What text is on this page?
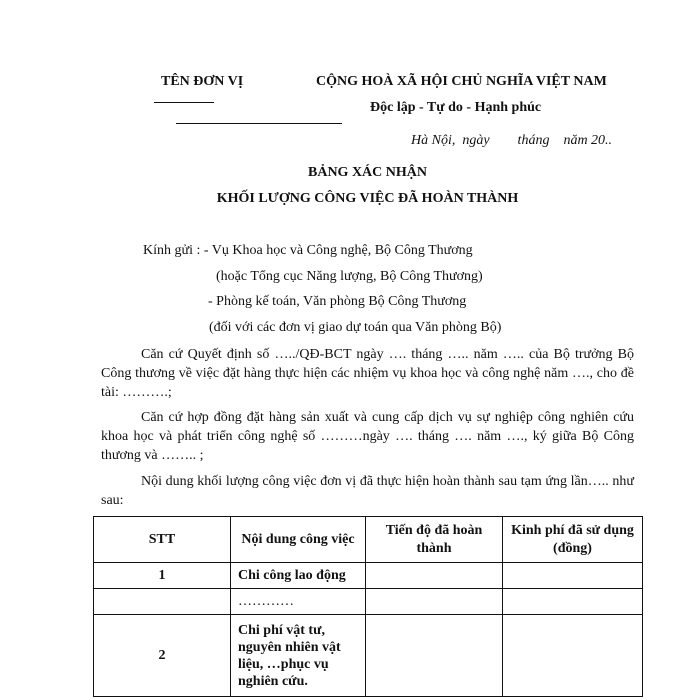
TÊN ĐƠN VỊ	CỘNG HOÀ XÃ HỘI CHỦ NGHĨA VIỆT NAM
Độc lập - Tự do - Hạnh phúc
Hà Nội,  ngày        tháng    năm 20..
BẢNG XÁC NHẬN
KHỐI LƯỢNG CÔNG VIỆC ĐÃ HOÀN THÀNH
Kính gửi : - Vụ Khoa học và Công nghệ, Bộ Công Thương
(hoặc Tổng cục Năng lượng, Bộ Công Thương)
- Phòng kế toán, Văn phòng Bộ Công Thương
(đối với các đơn vị giao dự toán qua Văn phòng Bộ)
Căn cứ Quyết định số …../QĐ-BCT ngày …. tháng ….. năm ….. của Bộ trưởng Bộ Công thương về việc đặt hàng thực hiện các nhiệm vụ khoa học và công nghệ năm …., cho đề tài: ……….;
Căn cứ hợp đồng đặt hàng sản xuất và cung cấp dịch vụ sự nghiệp công nghiên cứu khoa học và phát triển công nghệ số ………ngày …. tháng …. năm …., ký giữa Bộ Công thương và …….. ;
Nội dung khối lượng công việc đơn vị đã thực hiện hoàn thành sau tạm ứng lần….. như sau:
STT	Nội dung công việc	Tiến độ đã hoàn thành	Kinh phí đã sử dụng (đồng)
1	Chi công lao động		
	…………		
2	Chi phí vật tư, nguyên nhiên vật liệu, …phục vụ nghiên cứu.		
